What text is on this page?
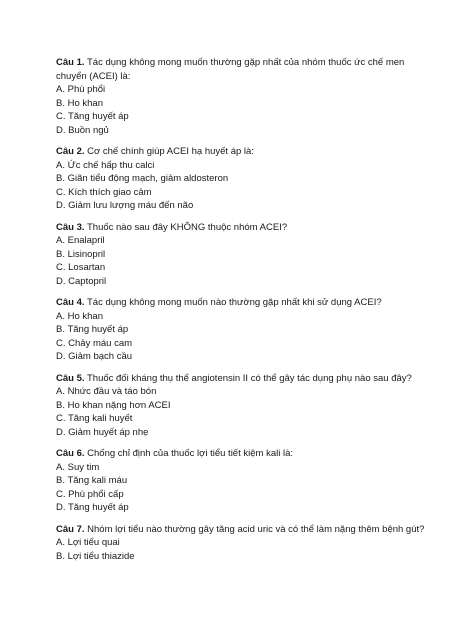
Câu 1. Tác dụng không mong muốn thường gặp nhất của nhóm thuốc ức chế men chuyển (ACEI) là:

A. Phù phổi

B. Ho khan

C. Tăng huyết áp

D. Buồn ngủ

Câu 2. Cơ chế chính giúp ACEI hạ huyết áp là:

A. Ức chế hấp thu calci

B. Giãn tiểu động mạch, giảm aldosteron

C. Kích thích giao cảm

D. Giảm lưu lượng máu đến não

Câu 3. Thuốc nào sau đây KHÔNG thuộc nhóm ACEI?

A. Enalapril

B. Lisinopril

C. Losartan

D. Captopril

Câu 4. Tác dụng không mong muốn nào thường gặp nhất khi sử dụng ACEI?

A. Ho khan

B. Tăng huyết áp

C. Chảy máu cam

D. Giảm bạch cầu

Câu 5. Thuốc đối kháng thụ thể angiotensin II có thể gây tác dụng phụ nào sau đây?

A. Nhức đầu và táo bón

B. Ho khan nặng hơn ACEI

C. Tăng kali huyết

D. Giảm huyết áp nhẹ

Câu 6. Chống chỉ định của thuốc lợi tiểu tiết kiệm kali là:

A. Suy tim

B. Tăng kali máu

C. Phù phổi cấp

D. Tăng huyết áp

Câu 7. Nhóm lợi tiểu nào thường gây tăng acid uric và có thể làm nặng thêm bệnh gút?

A. Lợi tiểu quai

B. Lợi tiểu thiazide
